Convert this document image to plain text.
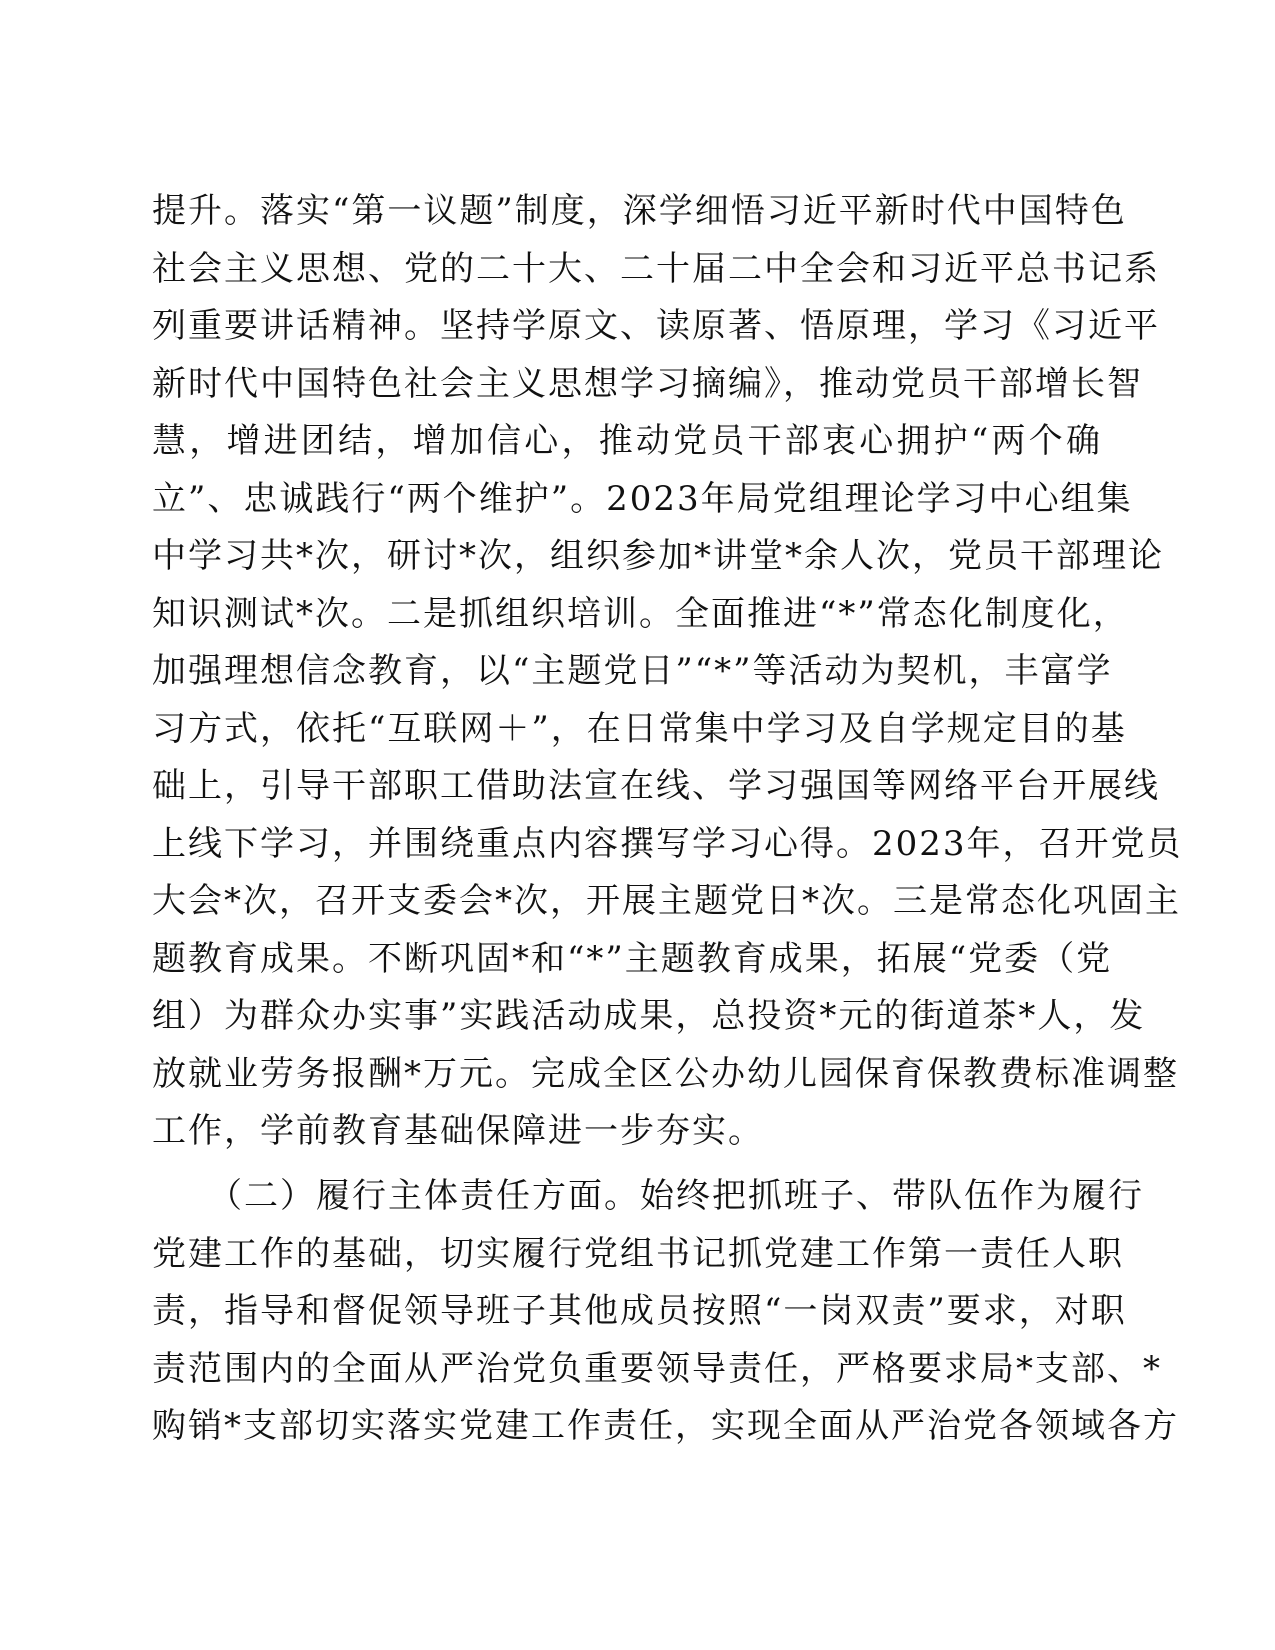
提升。落实“第一议题”制度，深学细悟习近平新时代中国特色
社会主义思想、党的二十大、二十届二中全会和习近平总书记系
列重要讲话精神。坚持学原文、读原著、悟原理，学习《习近平
新时代中国特色社会主义思想学习摘编》，推动党员干部增长智
慧，增进团结，增加信心，推动党员干部衷心拥护“两个确
立”、忠诚践行“两个维护”。2023年局党组理论学习中心组集
中学习共*次，研讨*次，组织参加*讲堂*余人次，党员干部理论
知识测试*次。二是抓组织培训。全面推进“*”常态化制度化，
加强理想信念教育，以“主题党日”“*”等活动为契机，丰富学
习方式，依托“互联网＋”，在日常集中学习及自学规定目的基
础上，引导干部职工借助法宣在线、学习强国等网络平台开展线
上线下学习，并围绕重点内容撰写学习心得。2023年，召开党员
大会*次，召开支委会*次，开展主题党日*次。三是常态化巩固主
题教育成果。不断巩固*和“*”主题教育成果，拓展“党委（党
组）为群众办实事”实践活动成果，总投资*元的街道茶*人，发
放就业劳务报酬*万元。完成全区公办幼儿园保育保教费标准调整
工作，学前教育基础保障进一步夯实。
（二）履行主体责任方面。始终把抓班子、带队伍作为履行
党建工作的基础，切实履行党组书记抓党建工作第一责任人职
责，指导和督促领导班子其他成员按照“一岗双责”要求，对职
责范围内的全面从严治党负重要领导责任，严格要求局*支部、*
购销*支部切实落实党建工作责任，实现全面从严治党各领域各方
